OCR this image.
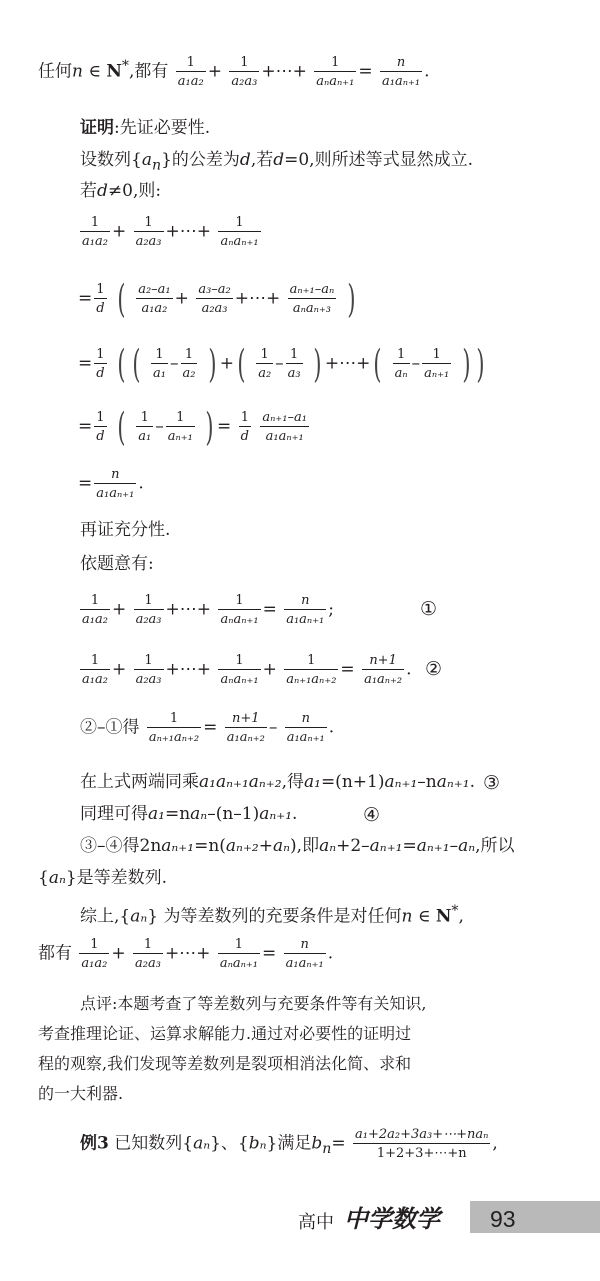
任何n ∈ N*,都有 $\frac{1}{\text{a₁a₂}} + \frac{1}{\text{a₂a₃}}$ +⋯+ $\frac{1}{\text{aₙaₙ₊₁}} = \frac{n}{\text{a₁aₙ₊₁}}$ .
证明:先证必要性.
设数列$\{a_n\}$的公差为d,若d=0,则所述等式显然成立.
若d≠0,则:
$\frac{1}{\text{a₁a₂}} + \frac{1}{\text{a₂a₃}}$ +⋯+ $\frac{1}{\text{aₙaₙ₊₁}}$
= $\frac{1}{d}$ ( $\frac{\text{a₂–a₁}}{\text{a₁a₂}} + \frac{\text{a₃–a₂}}{\text{a₂a₃}}$ +⋯+ $\frac{\text{aₙ₊₁–aₙ}}{\text{aₙaₙ₊₃}}$ )
= $\frac{1}{d}$ ( ( $\frac{1}{\text{a₁}} - \frac{1}{\text{a₂}}$ ) +( $\frac{1}{\text{a₂}} - \frac{1}{\text{a₃}}$ ) +⋯+( $\frac{1}{\text{aₙ}} - \frac{1}{\text{aₙ₊₁}}$ ) )
= $\frac{1}{d}$ ( $\frac{1}{\text{a₁}} - \frac{1}{\text{aₙ₊₁}}$ ) = $\frac{1}{d}$
$\frac{\text{aₙ₊₁–a₁}}{\text{a₁aₙ₊₁}}$
= $\frac{n}{\text{a₁aₙ₊₁}}$ .
再证充分性.
依题意有:
$\frac{1}{\text{a₁a₂}} + \frac{1}{\text{a₂a₃}}$ +⋯+ $\frac{1}{\text{aₙaₙ₊₁}} = \frac{n}{\text{a₁aₙ₊₁}}$ ;	①
$\frac{1}{\text{a₁a₂}} + \frac{1}{\text{a₂a₃}}$ +⋯+ $\frac{1}{\text{aₙaₙ₊₁}} + \frac{1}{\text{aₙ₊₁aₙ₊₂}} = \frac{n+1}{\text{a₁aₙ₊₂}}$ . ②
②–①得 $\frac{1}{\text{aₙ₊₁aₙ₊₂}} = \frac{n+1}{\text{a₁aₙ₊₂}} - \frac{n}{\text{a₁aₙ₊₁}}$ .
在上式两端同乘a₁aₙ₊₁aₙ₊₂,得a₁=(n+1)aₙ₊₁–naₙ₊₁. ③
同理可得a₁=naₙ–(n–1)aₙ₊₁.	④
③–④得2naₙ₊₁=n(aₙ₊₂+aₙ),即aₙ+2–aₙ₊₁=aₙ₊₁–aₙ,所以
{aₙ}是等差数列.
综上,{aₙ} 为等差数列的充要条件是对任何n ∈ N*,
都有 $\frac{1}{\text{a₁a₂}} + \frac{1}{\text{a₂a₃}}$ +⋯+ $\frac{1}{\text{aₙaₙ₊₁}} = \frac{n}{\text{a₁aₙ₊₁}}$ .
点评:本题考查了等差数列与充要条件等有关知识,
考查推理论证、运算求解能力.通过对必要性的证明过
程的观察,我们发现等差数列是裂项相消法化简、求和
的一大利器.
例3 已知数列{aₙ}、{bₙ}满足$b_n= \frac{\text{a₁+2a₂+3a₃+⋯+naₙ}}{1+2+3+\cdots+n}$ ,
高中 中学数学 93
